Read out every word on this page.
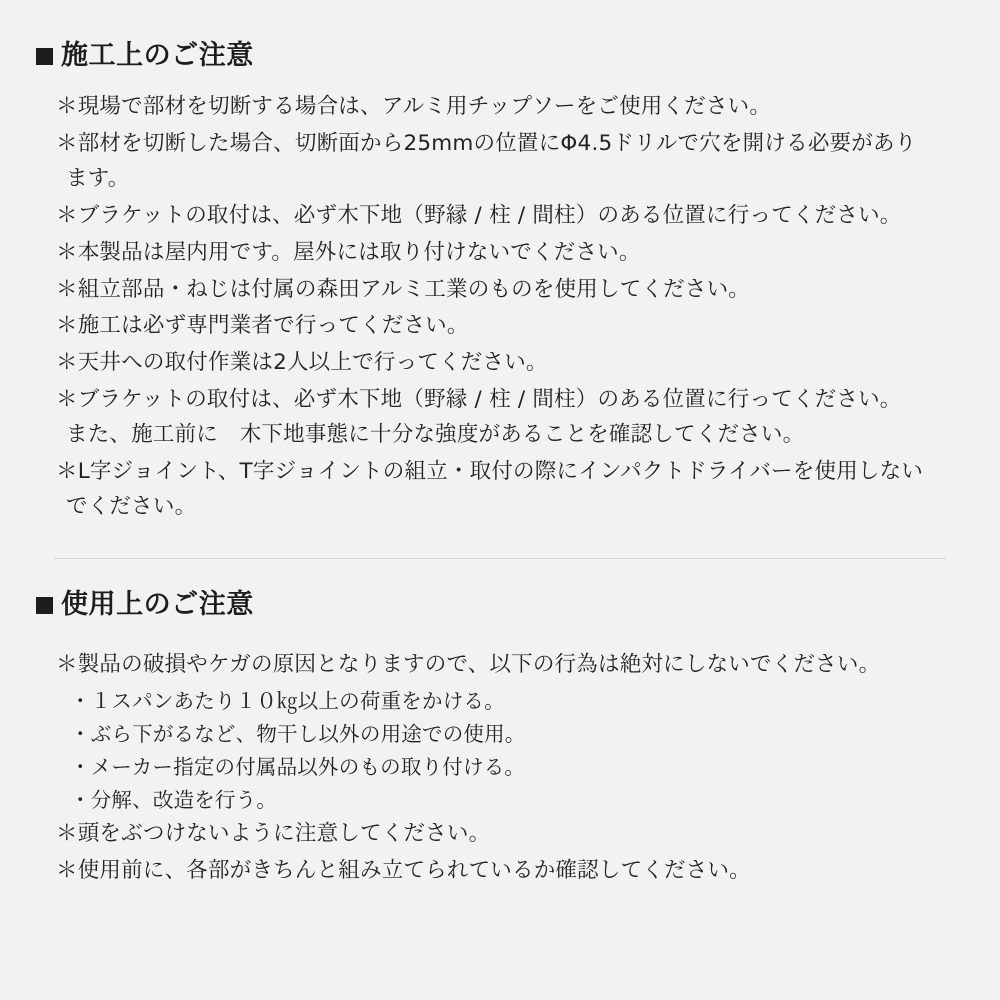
施工上のご注意
＊現場で部材を切断する場合は、アルミ用チップソーをご使用ください。
＊部材を切断した場合、切断面から25mmの位置にΦ4.5ドリルで穴を開ける必要があり
ます。
＊ブラケットの取付は、必ず木下地（野縁 / 柱 / 間柱）のある位置に行ってください。
＊本製品は屋内用です。屋外には取り付けないでください。
＊組立部品・ねじは付属の森田アルミ工業のものを使用してください。
＊施工は必ず専門業者で行ってください。
＊天井への取付作業は2人以上で行ってください。
＊ブラケットの取付は、必ず木下地（野縁 / 柱 / 間柱）のある位置に行ってください。
また、施工前に　木下地事態に十分な強度があることを確認してください。
＊L字ジョイント、T字ジョイントの組立・取付の際にインパクトドライバーを使用しない
でください。
使用上のご注意
＊製品の破損やケガの原因となりますので、以下の行為は絶対にしないでください。
・１スパンあたり１０㎏以上の荷重をかける。
・ぶら下がるなど、物干し以外の用途での使用。
・メーカー指定の付属品以外のもの取り付ける。
・分解、改造を行う。
＊頭をぶつけないように注意してください。
＊使用前に、各部がきちんと組み立てられているか確認してください。
